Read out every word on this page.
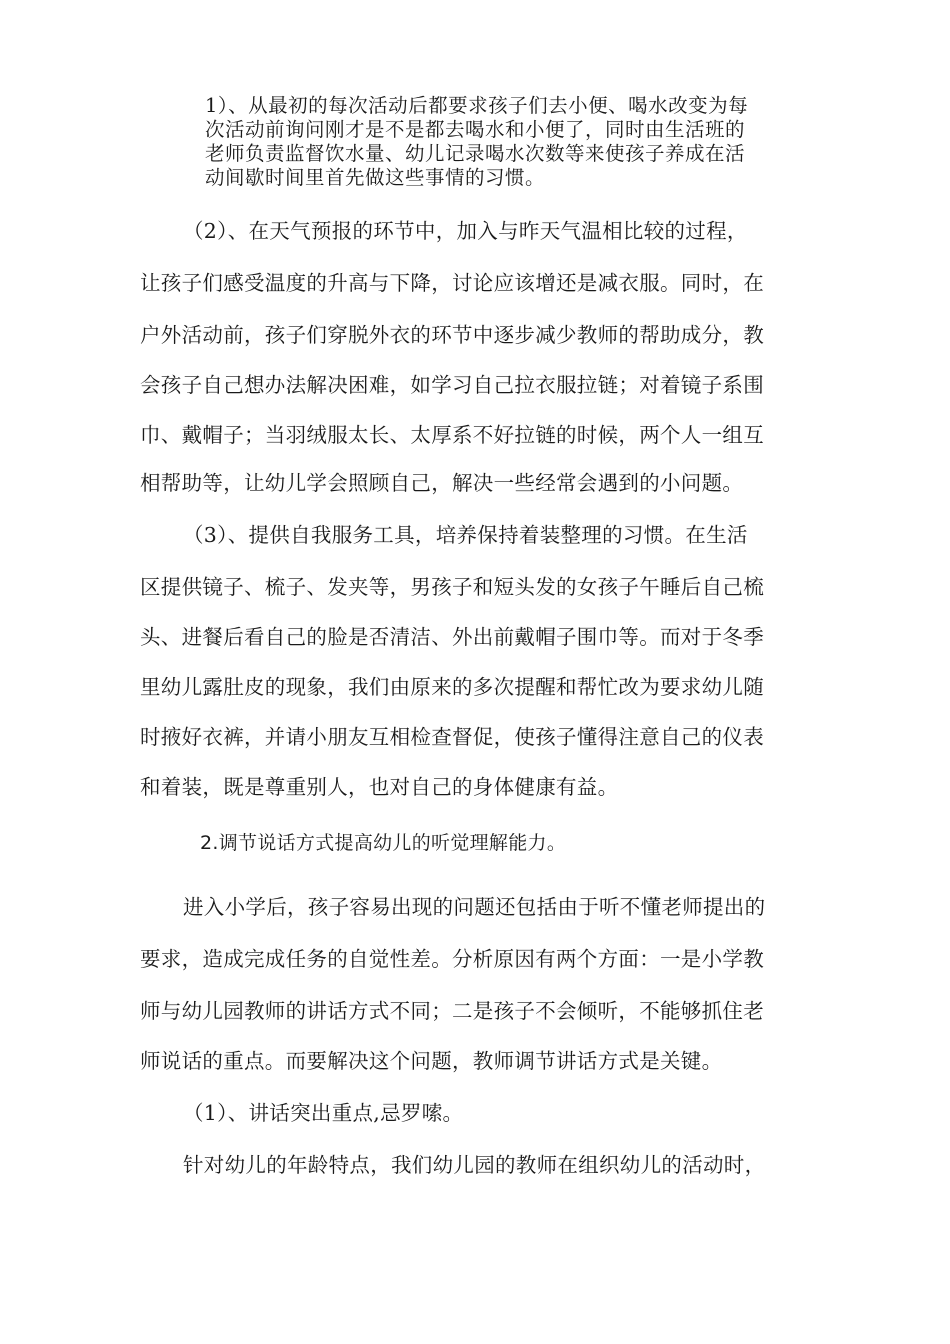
1）、从最初的每次活动后都要求孩子们去小便、喝水改变为每
次活动前询问刚才是不是都去喝水和小便了，同时由生活班的
老师负责监督饮水量、幼儿记录喝水次数等来使孩子养成在活
动间歇时间里首先做这些事情的习惯。
（2）、在天气预报的环节中，加入与昨天气温相比较的过程，
让孩子们感受温度的升高与下降，讨论应该增还是减衣服。同时，在
户外活动前，孩子们穿脱外衣的环节中逐步减少教师的帮助成分，教
会孩子自己想办法解决困难，如学习自己拉衣服拉链；对着镜子系围
巾、戴帽子；当羽绒服太长、太厚系不好拉链的时候，两个人一组互
相帮助等，让幼儿学会照顾自己，解决一些经常会遇到的小问题。
（3）、提供自我服务工具，培养保持着装整理的习惯。在生活
区提供镜子、梳子、发夹等，男孩子和短头发的女孩子午睡后自己梳
头、进餐后看自己的脸是否清洁、外出前戴帽子围巾等。而对于冬季
里幼儿露肚皮的现象，我们由原来的多次提醒和帮忙改为要求幼儿随
时掖好衣裤，并请小朋友互相检查督促，使孩子懂得注意自己的仪表
和着装，既是尊重别人，也对自己的身体健康有益。
2.调节说话方式提高幼儿的听觉理解能力。
进入小学后，孩子容易出现的问题还包括由于听不懂老师提出的
要求，造成完成任务的自觉性差。分析原因有两个方面：一是小学教
师与幼儿园教师的讲话方式不同；二是孩子不会倾听，不能够抓住老
师说话的重点。而要解决这个问题，教师调节讲话方式是关键。
（1）、讲话突出重点,忌罗嗦。
针对幼儿的年龄特点，我们幼儿园的教师在组织幼儿的活动时，
